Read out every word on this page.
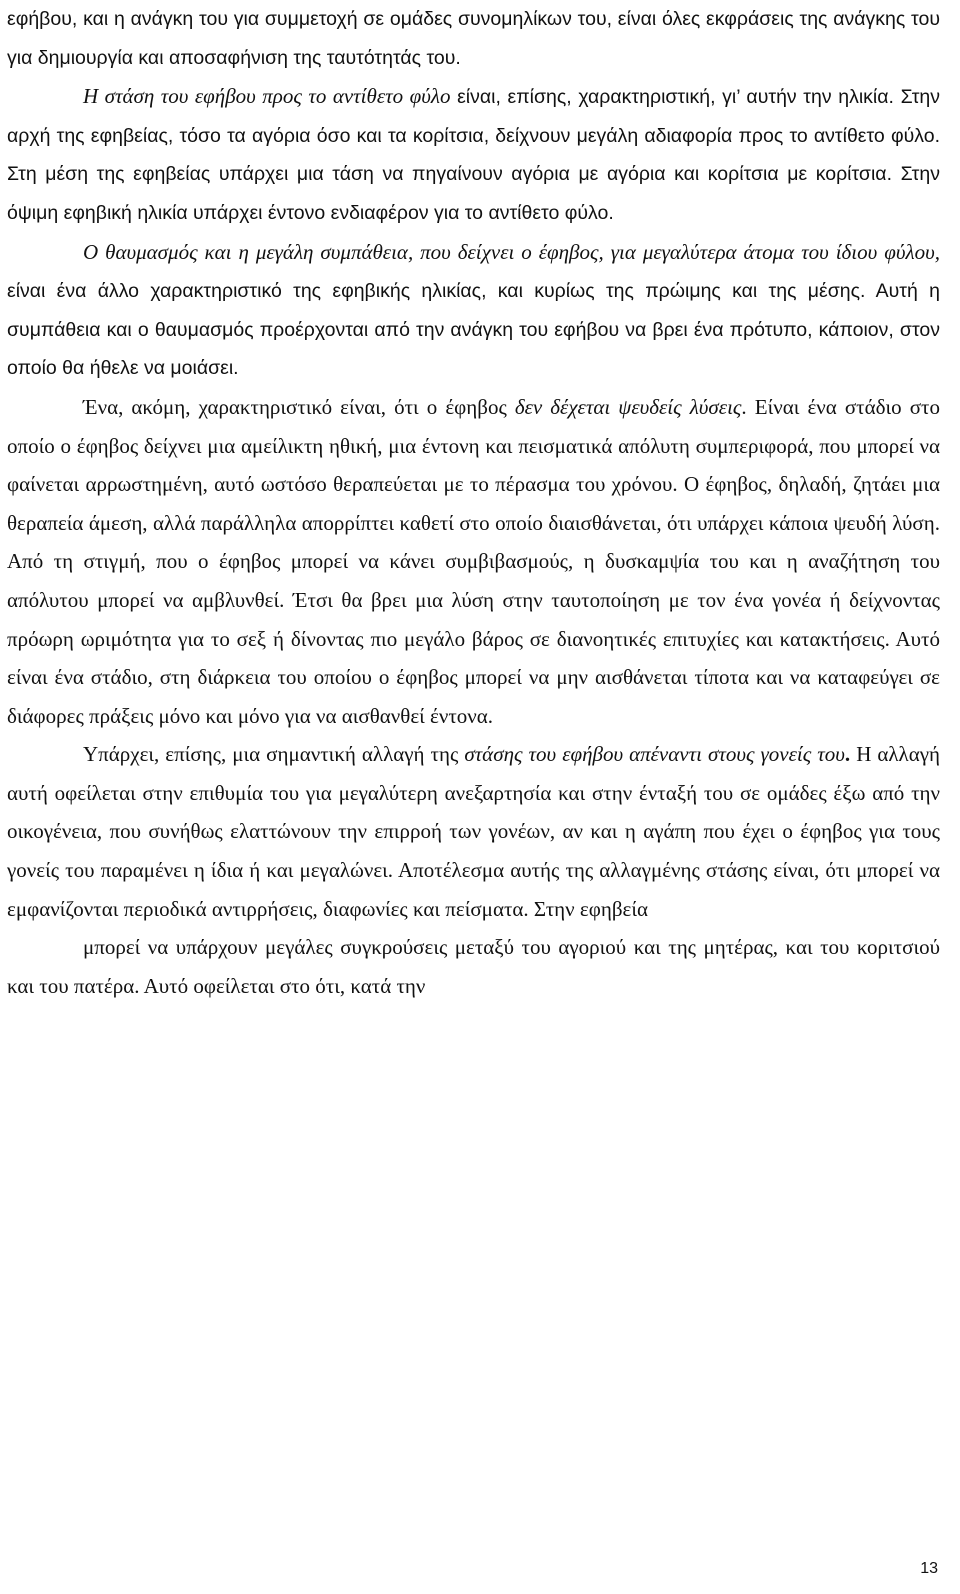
εφήβου, και η ανάγκη του για συμμετοχή σε ομάδες συνομηλίκων του, είναι όλες εκφράσεις της ανάγκης του για δημιουργία και αποσαφήνιση της ταυτότητάς του.

Η στάση του εφήβου προς το αντίθετο φύλο είναι, επίσης, χαρακτηριστική, γι’ αυτήν την ηλικία. Στην αρχή της εφηβείας, τόσο τα αγόρια όσο και τα κορίτσια, δείχνουν μεγάλη αδιαφορία προς το αντίθετο φύλο. Στη μέση της εφηβείας υπάρχει μια τάση να πηγαίνουν αγόρια με αγόρια και κορίτσια με κορίτσια. Στην όψιμη εφηβική ηλικία υπάρχει έντονο ενδιαφέρον για το αντίθετο φύλο.

Ο θαυμασμός και η μεγάλη συμπάθεια, που δείχνει ο έφηβος, για μεγαλύτερα άτομα του ίδιου φύλου, είναι ένα άλλο χαρακτηριστικό της εφηβικής ηλικίας, και κυρίως της πρώιμης και της μέσης. Αυτή η συμπάθεια και ο θαυμασμός προέρχονται από την ανάγκη του εφήβου να βρει ένα πρότυπο, κάποιον, στον οποίο θα ήθελε να μοιάσει.

Ένα, ακόμη, χαρακτηριστικό είναι, ότι ο έφηβος δεν δέχεται ψευδείς λύσεις. Είναι ένα στάδιο στο οποίο ο έφηβος δείχνει μια αμείλικτη ηθική, μια έντονη και πεισματικά απόλυτη συμπεριφορά, που μπορεί να φαίνεται αρρωστημένη, αυτό ωστόσο θεραπεύεται με το πέρασμα του χρόνου. Ο έφηβος, δηλαδή, ζητάει μια θεραπεία άμεση, αλλά παράλληλα απορρίπτει καθετί στο οποίο διαισθάνεται, ότι υπάρχει κάποια ψευδή λύση. Από τη στιγμή, που ο έφηβος μπορεί να κάνει συμβιβασμούς, η δυσκαμψία του και η αναζήτηση του απόλυτου μπορεί να αμβλυνθεί. Έτσι θα βρει μια λύση στην ταυτοποίηση με τον ένα γονέα ή δείχνοντας πρόωρη ωριμότητα για το σεξ ή δίνοντας πιο μεγάλο βάρος σε διανοητικές επιτυχίες και κατακτήσεις. Αυτό είναι ένα στάδιο, στη διάρκεια του οποίου ο έφηβος μπορεί να μην αισθάνεται τίποτα και να καταφεύγει σε διάφορες πράξεις μόνο και μόνο για να αισθανθεί έντονα.

Υπάρχει, επίσης, μια σημαντική αλλαγή της στάσης του εφήβου απέναντι στους γονείς του. Η αλλαγή αυτή οφείλεται στην επιθυμία του για μεγαλύτερη ανεξαρτησία και στην ένταξή του σε ομάδες έξω από την οικογένεια, που συνήθως ελαττώνουν την επιρροή των γονέων, αν και η αγάπη που έχει ο έφηβος για τους γονείς του παραμένει η ίδια ή και μεγαλώνει. Αποτέλεσμα αυτής της αλλαγμένης στάσης είναι, ότι μπορεί να εμφανίζονται περιοδικά αντιρρήσεις, διαφωνίες και πείσματα. Στην εφηβεία

μπορεί να υπάρχουν μεγάλες συγκρούσεις μεταξύ του αγοριού και της μητέρας, και του κοριτσιού και του πατέρα. Αυτό οφείλεται στο ότι, κατά την

13
